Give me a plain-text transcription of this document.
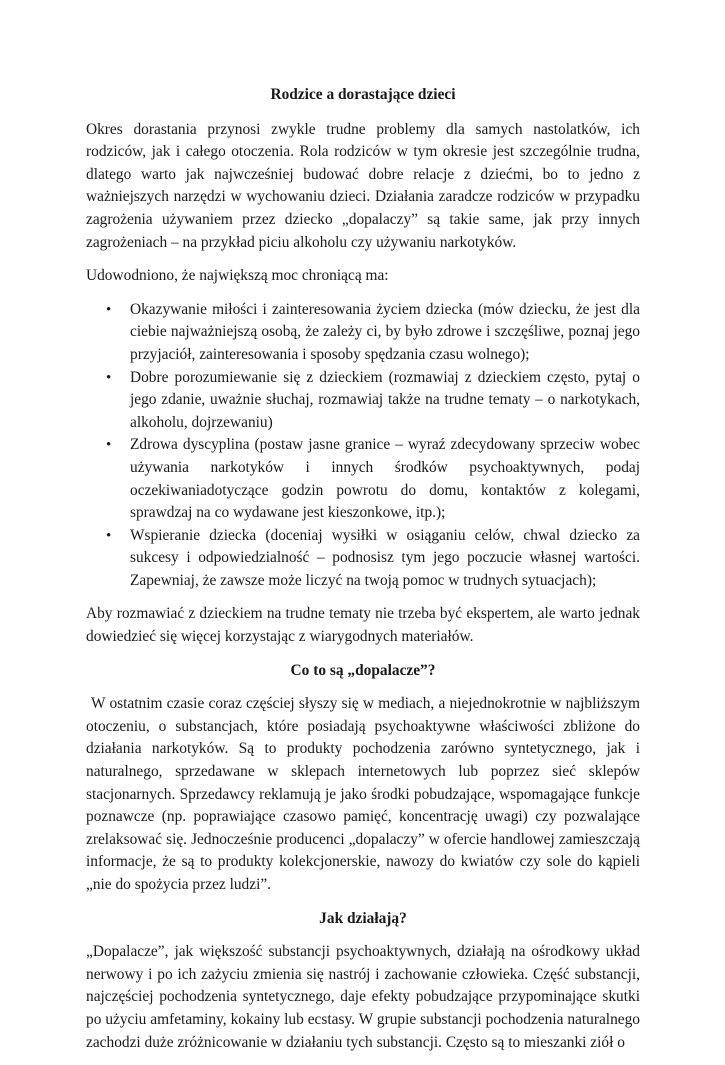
Rodzice a dorastające dzieci
Okres dorastania przynosi zwykle trudne problemy dla samych nastolatków, ich rodziców, jak i całego otoczenia. Rola rodziców w tym okresie jest szczególnie trudna, dlatego warto jak najwcześniej budować dobre relacje z dziećmi, bo to jedno z ważniejszych narzędzi w wychowaniu dzieci. Działania zaradcze rodziców w przypadku zagrożenia używaniem przez dziecko „dopalaczy” są takie same, jak przy innych zagrożeniach – na przykład piciu alkoholu czy używaniu narkotyków.
Udowodniono, że największą moc chroniącą ma:
• Okazywanie miłości i zainteresowania życiem dziecka (mów dziecku, że jest dla ciebie najważniejszą osobą, że zależy ci, by było zdrowe i szczęśliwe, poznaj jego przyjaciół, zainteresowania i sposoby spędzania czasu wolnego);
• Dobre porozumiewanie się z dzieckiem (rozmawiaj z dzieckiem często, pytaj o jego zdanie, uważnie słuchaj, rozmawiaj także na trudne tematy – o narkotykach, alkoholu, dojrzewaniu)
• Zdrowa dyscyplina (postaw jasne granice – wyraź zdecydowany sprzeciw wobec używania narkotyków i innych środków psychoaktywnych, podaj oczekiwaniadotyczące godzin powrotu do domu, kontaktów z kolegami, sprawdzaj na co wydawane jest kieszonkowe, itp.);
• Wspieranie dziecka (doceniaj wysiłki w osiąganiu celów, chwal dziecko za sukcesy i odpowiedzialność – podnosisz tym jego poczucie własnej wartości. Zapewniaj, że zawsze może liczyć na twoją pomoc w trudnych sytuacjach);
Aby rozmawiać z dzieckiem na trudne tematy nie trzeba być ekspertem, ale warto jednak dowiedzieć się więcej korzystając z wiarygodnych materiałów.
Co to są „dopalacze”?
W ostatnim czasie coraz częściej słyszy się w mediach, a niejednokrotnie w najbliższym otoczeniu, o substancjach, które posiadają psychoaktywne właściwości zbliżone do działania narkotyków. Są to produkty pochodzenia zarówno syntetycznego, jak i naturalnego, sprzedawane w sklepach internetowych lub poprzez sieć sklepów stacjonarnych. Sprzedawcy reklamują je jako środki pobudzające, wspomagające funkcje poznawcze (np. poprawiające czasowo pamięć, koncentrację uwagi) czy pozwalające zrelaksować się. Jednocześnie producenci „dopalaczy” w ofercie handlowej zamieszczają informacje, że są to produkty kolekcjonerskie, nawozy do kwiatów czy sole do kąpieli „nie do spożycia przez ludzi”.
Jak działają?
„Dopalacze”, jak większość substancji psychoaktywnych, działają na ośrodkowy układ nerwowy i po ich zażyciu zmienia się nastrój i zachowanie człowieka. Część substancji, najczęściej pochodzenia syntetycznego, daje efekty pobudzające przypominające skutki po użyciu amfetaminy, kokainy lub ecstasy. W grupie substancji pochodzenia naturalnego zachodzi duże zróżnicowanie w działaniu tych substancji. Często są to mieszanki ziół o
